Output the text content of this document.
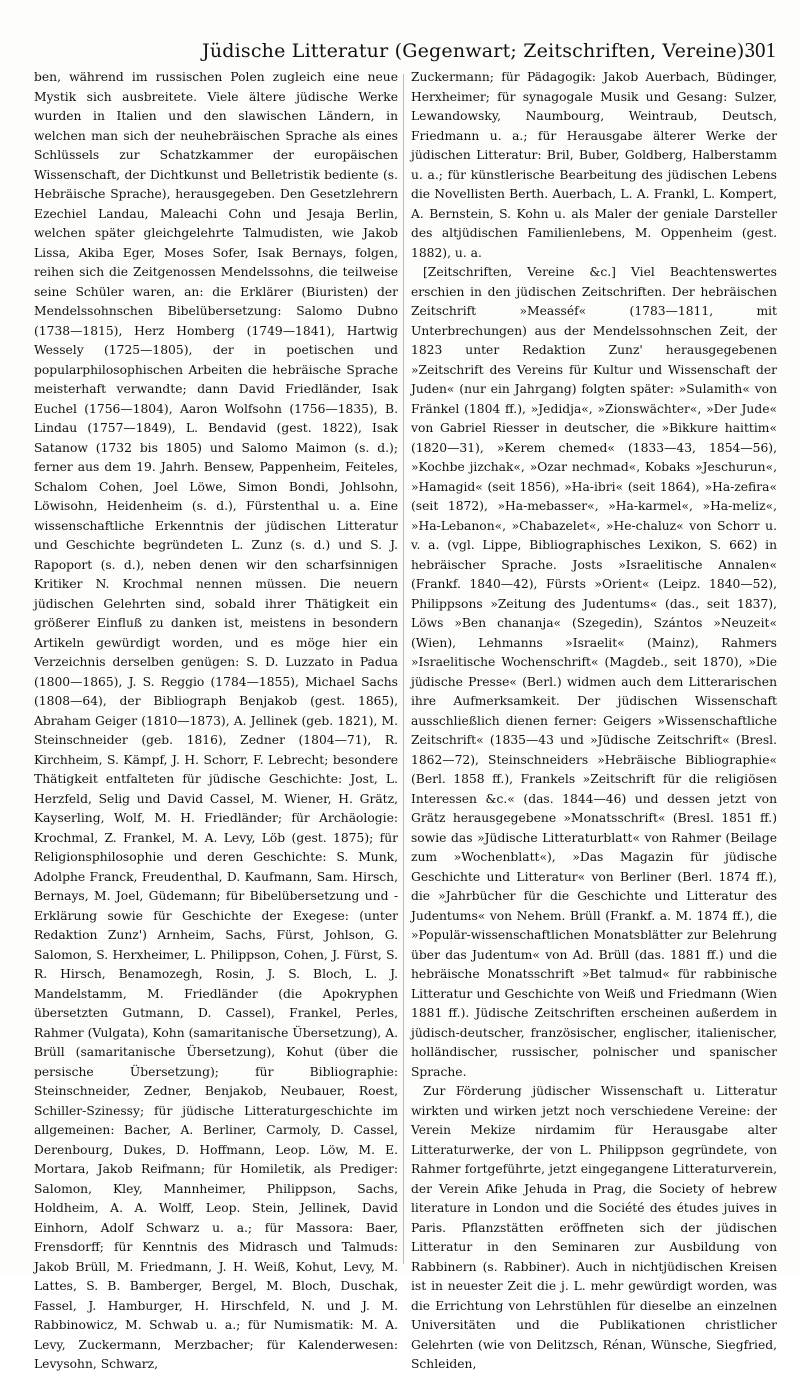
Jüdische Litteratur (Gegenwart; Zeitschriften, Vereine).
301

ben, während im russischen Polen zugleich eine neue Mystik sich ausbreitete. Viele ältere jüdische Werke wurden in Italien und den slawischen Ländern, in welchen man sich der neuhebräischen Sprache als eines Schlüssels zur Schatzkammer der europäischen Wissenschaft, der Dichtkunst und Belletristik bediente (s. Hebräische Sprache), herausgegeben. Den Gesetzlehrern Ezechiel Landau, Maleachi Cohn und Jesaja Berlin, welchen später gleichgelehrte Talmudisten, wie Jakob Lissa, Akiba Eger, Moses Sofer, Isak Bernays, folgen, reihen sich die Zeitgenossen Mendelssohns, die teilweise seine Schüler waren, an: die Erklärer (Biuristen) der Mendelssohnschen Bibelübersetzung: Salomo Dubno (1738—1815), Herz Homberg (1749—1841), Hartwig Wessely (1725—1805), der in poetischen und popularphilosophischen Arbeiten die hebräische Sprache meisterhaft verwandte; dann David Friedländer, Isak Euchel (1756—1804), Aaron Wolfsohn (1756—1835), B. Lindau (1757—1849), L. Bendavid (gest. 1822), Isak Satanow (1732 bis 1805) und Salomo Maimon (s. d.); ferner aus dem 19. Jahrh. Bensew, Pappenheim, Feiteles, Schalom Cohen, Joel Löwe, Simon Bondi, Johlsohn, Löwisohn, Heidenheim (s. d.), Fürstenthal u. a. Eine wissenschaftliche Erkenntnis der jüdischen Litteratur und Geschichte begründeten L. Zunz (s. d.) und S. J. Rapoport (s. d.), neben denen wir den scharfsinnigen Kritiker N. Krochmal nennen müssen. Die neuern jüdischen Gelehrten sind, sobald ihrer Thätigkeit ein größerer Einfluß zu danken ist, meistens in besondern Artikeln gewürdigt worden, und es möge hier ein Verzeichnis derselben genügen: S. D. Luzzato in Padua (1800—1865), J. S. Reggio (1784—1855), Michael Sachs (1808—64), der Bibliograph Benjakob (gest. 1865), Abraham Geiger (1810—1873), A. Jellinek (geb. 1821), M. Steinschneider (geb. 1816), Zedner (1804—71), R. Kirchheim, S. Kämpf, J. H. Schorr, F. Lebrecht; besondere Thätigkeit entfalteten für jüdische Geschichte: Jost, L. Herzfeld, Selig und David Cassel, M. Wiener, H. Grätz, Kayserling, Wolf, M. H. Friedländer; für Archäologie: Krochmal, Z. Frankel, M. A. Levy, Löb (gest. 1875); für Religionsphilosophie und deren Geschichte: S. Munk, Adolphe Franck, Freudenthal, D. Kaufmann, Sam. Hirsch, Bernays, M. Joel, Güdemann; für Bibelübersetzung und -Erklärung sowie für Geschichte der Exegese: (unter Redaktion Zunz') Arnheim, Sachs, Fürst, Johlson, G. Salomon, S. Herxheimer, L. Philippson, Cohen, J. Fürst, S. R. Hirsch, Benamozegh, Rosin, J. S. Bloch, L. J. Mandelstamm, M. Friedländer (die Apokryphen übersetzten Gutmann, D. Cassel), Frankel, Perles, Rahmer (Vulgata), Kohn (samaritanische Übersetzung), A. Brüll (samaritanische Übersetzung), Kohut (über die persische Übersetzung); für Bibliographie: Steinschneider, Zedner, Benjakob, Neubauer, Roest, Schiller-Szinessy; für jüdische Litteraturgeschichte im allgemeinen: Bacher, A. Berliner, Carmoly, D. Cassel, Derenbourg, Dukes, D. Hoffmann, Leop. Löw, M. E. Mortara, Jakob Reifmann; für Homiletik, als Prediger: Salomon, Kley, Mannheimer, Philippson, Sachs, Holdheim, A. A. Wolff, Leop. Stein, Jellinek, David Einhorn, Adolf Schwarz u. a.; für Massora: Baer, Frensdorff; für Kenntnis des Midrasch und Talmuds: Jakob Brüll, M. Friedmann, J. H. Weiß, Kohut, Levy, M. Lattes, S. B. Bamberger, Bergel, M. Bloch, Duschak, Fassel, J. Hamburger, H. Hirschfeld, N. und J. M. Rabbinowicz, M. Schwab u. a.; für Numismatik: M. A. Levy, Zuckermann, Merzbacher; für Kalenderwesen: Levysohn, Schwarz,

Zuckermann; für Pädagogik: Jakob Auerbach, Büdinger, Herxheimer; für synagogale Musik und Gesang: Sulzer, Lewandowsky, Naumbourg, Weintraub, Deutsch, Friedmann u. a.; für Herausgabe älterer Werke der jüdischen Litteratur: Bril, Buber, Goldberg, Halberstamm u. a.; für künstlerische Bearbeitung des jüdischen Lebens die Novellisten Berth. Auerbach, L. A. Frankl, L. Kompert, A. Bernstein, S. Kohn u. als Maler der geniale Darsteller des altjüdischen Familienlebens, M. Oppenheim (gest. 1882), u. a.

[Zeitschriften, Vereine &c.] Viel Beachtenswertes erschien in den jüdischen Zeitschriften. Der hebräischen Zeitschrift »Measséf« (1783—1811, mit Unterbrechungen) aus der Mendelssohnschen Zeit, der 1823 unter Redaktion Zunz' herausgegebenen »Zeitschrift des Vereins für Kultur und Wissenschaft der Juden« (nur ein Jahrgang) folgten später: »Sulamith« von Fränkel (1804 ff.), »Jedidja«, »Zionswächter«, »Der Jude« von Gabriel Riesser in deutscher, die »Bikkure haittim« (1820—31), »Kerem chemed« (1833—43, 1854—56), »Kochbe jizchak«, »Ozar nechmad«, Kobaks »Jeschurun«, »Hamagid« (seit 1856), »Ha-ibri« (seit 1864), »Ha-zefira« (seit 1872), »Ha-mebasser«, »Ha-karmel«, »Ha-meliz«, »Ha-Lebanon«, »Chabazelet«, »He-chaluz« von Schorr u. v. a. (vgl. Lippe, Bibliographisches Lexikon, S. 662) in hebräischer Sprache. Josts »Israelitische Annalen« (Frankf. 1840—42), Fürsts »Orient« (Leipz. 1840—52), Philippsons »Zeitung des Judentums« (das., seit 1837), Löws »Ben chananja« (Szegedin), Szántos »Neuzeit« (Wien), Lehmanns »Israelit« (Mainz), Rahmers »Israelitische Wochenschrift« (Magdeb., seit 1870), »Die jüdische Presse« (Berl.) widmen auch dem Litterarischen ihre Aufmerksamkeit. Der jüdischen Wissenschaft ausschließlich dienen ferner: Geigers »Wissenschaftliche Zeitschrift« (1835—43 und »Jüdische Zeitschrift« (Bresl. 1862—72), Steinschneiders »Hebräische Bibliographie« (Berl. 1858 ff.), Frankels »Zeitschrift für die religiösen Interessen &c.« (das. 1844—46) und dessen jetzt von Grätz herausgegebene »Monatsschrift« (Bresl. 1851 ff.) sowie das »Jüdische Litteraturblatt« von Rahmer (Beilage zum »Wochenblatt«), »Das Magazin für jüdische Geschichte und Litteratur« von Berliner (Berl. 1874 ff.), die »Jahrbücher für die Geschichte und Litteratur des Judentums« von Nehem. Brüll (Frankf. a. M. 1874 ff.), die »Populär-wissenschaftlichen Monatsblätter zur Belehrung über das Judentum« von Ad. Brüll (das. 1881 ff.) und die hebräische Monatsschrift »Bet talmud« für rabbinische Litteratur und Geschichte von Weiß und Friedmann (Wien 1881 ff.). Jüdische Zeitschriften erscheinen außerdem in jüdisch-deutscher, französischer, englischer, italienischer, holländischer, russischer, polnischer und spanischer Sprache.

Zur Förderung jüdischer Wissenschaft u. Litteratur wirkten und wirken jetzt noch verschiedene Vereine: der Verein Mekize nirdamim für Herausgabe alter Litteraturwerke, der von L. Philippson gegründete, von Rahmer fortgeführte, jetzt eingegangene Litteraturverein, der Verein Afike Jehuda in Prag, die Society of hebrew literature in London und die Société des études juives in Paris. Pflanzstätten eröffneten sich der jüdischen Litteratur in den Seminaren zur Ausbildung von Rabbinern (s. Rabbiner). Auch in nichtjüdischen Kreisen ist in neuester Zeit die j. L. mehr gewürdigt worden, was die Errichtung von Lehrstühlen für dieselbe an einzelnen Universitäten und die Publikationen christlicher Gelehrten (wie von Delitzsch, Rénan, Wünsche, Siegfried, Schleiden,
